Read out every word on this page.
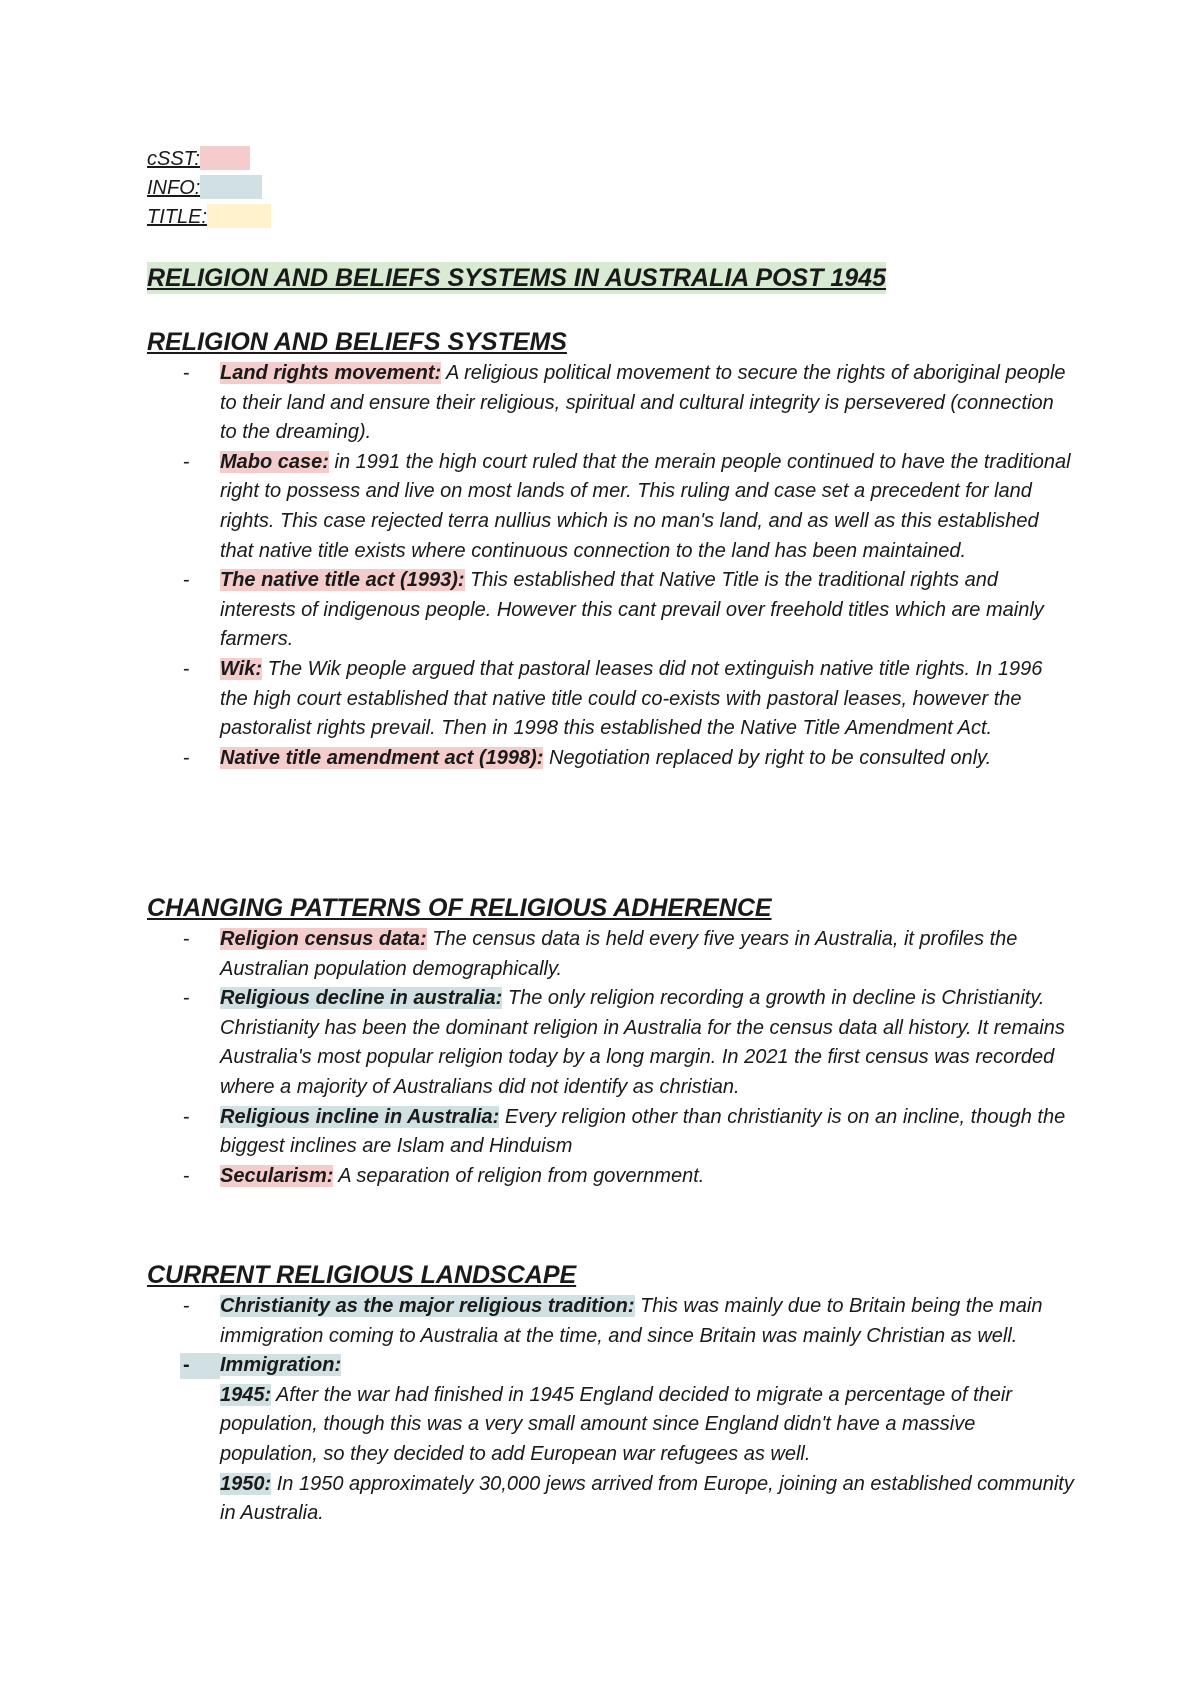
cSST:
INFO:
TITLE:
RELIGION AND BELIEFS SYSTEMS IN AUSTRALIA POST 1945
RELIGION AND BELIEFS SYSTEMS
- Land rights movement: A religious political movement to secure the rights of aboriginal people to their land and ensure their religious, spiritual and cultural integrity is persevered (connection to the dreaming).
- Mabo case: in 1991 the high court ruled that the merain people continued to have the traditional right to possess and live on most lands of mer. This ruling and case set a precedent for land rights. This case rejected terra nullius which is no man's land, and as well as this established that native title exists where continuous connection to the land has been maintained.
- The native title act (1993): This established that Native Title is the traditional rights and interests of indigenous people. However this cant prevail over freehold titles which are mainly farmers.
- Wik: The Wik people argued that pastoral leases did not extinguish native title rights. In 1996 the high court established that native title could co-exists with pastoral leases, however the pastoralist rights prevail. Then in 1998 this established the Native Title Amendment Act.
- Native title amendment act (1998): Negotiation replaced by right to be consulted only.
CHANGING PATTERNS OF RELIGIOUS ADHERENCE
- Religion census data: The census data is held every five years in Australia, it profiles the Australian population demographically.
- Religious decline in australia: The only religion recording a growth in decline is Christianity. Christianity has been the dominant religion in Australia for the census data all history. It remains Australia's most popular religion today by a long margin. In 2021 the first census was recorded where a majority of Australians did not identify as christian.
- Religious incline in Australia: Every religion other than christianity is on an incline, though the biggest inclines are Islam and Hinduism
- Secularism: A separation of religion from government.
CURRENT RELIGIOUS LANDSCAPE
- Christianity as the major religious tradition: This was mainly due to Britain being the main immigration coming to Australia at the time, and since Britain was mainly Christian as well.
- Immigration:
1945: After the war had finished in 1945 England decided to migrate a percentage of their population, though this was a very small amount since England didn't have a massive population, so they decided to add European war refugees as well.
1950: In 1950 approximately 30,000 jews arrived from Europe, joining an established community in Australia.
